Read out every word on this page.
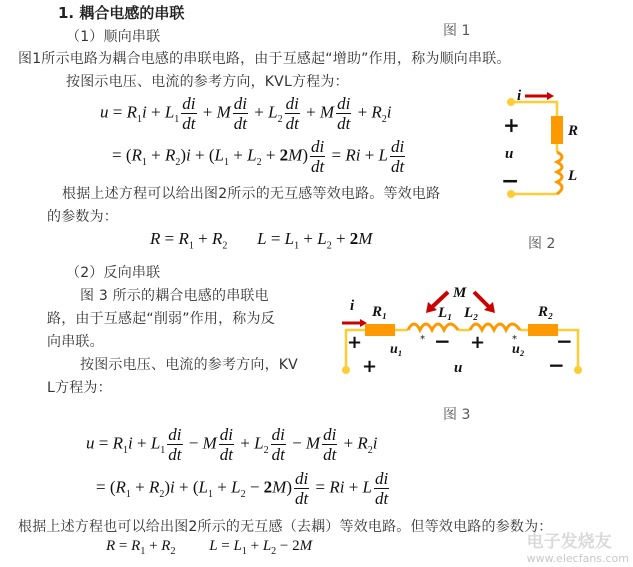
1. 耦合电感的串联
（1）顺向串联	图 1
图1所示电路为耦合电感的串联电路，由于互感起“增助”作用，称为顺向串联。
按图示电压、电流的参考方向，KVL方程为：
$u = R_1i + L_1 \frac{di}{dt} + M \frac{di}{dt} + L_2 \frac{di}{dt} + M \frac{di}{dt} + R_2i$
= $(R_1 + R_2)i + (L_1 + L_2 + 2M) \frac{di}{dt} = Ri + L \frac{di}{dt}$
根据上述方程可以给出图2所示的无互感等效电路。等效电路
的参数为：
$R = R_1 + R_2$ $L = L_1 + L_2 + 2M$	图 2
i
+
u
−
R
L
（2）反向串联
图 3 所示的耦合电感的串联电
路，由于互感起“削弱”作用，称为反
向串联。
按图示电压、电流的参考方向，KV
L方程为：
图 3
i R₁
M
L₁ L₂	R₂
*	*
+ u₁ − + u₂ −
+	u	−
$u = R_1i + L_1 \frac{di}{dt} - M \frac{di}{dt} + L_2 \frac{di}{dt} - M \frac{di}{dt} + R_2i$
= $(R_1 + R_2)i + (L_1 + L_2 - 2M) \frac{di}{dt} = Ri + L \frac{di}{dt}$
根据上述方程也可以给出图2所示的无互感（去耦）等效电路。但等效电路的参数为：
$R = R_1 + R_2$ $L = L_1 + L_2 - 2M$	电子发烧友
www.elecfans.com
